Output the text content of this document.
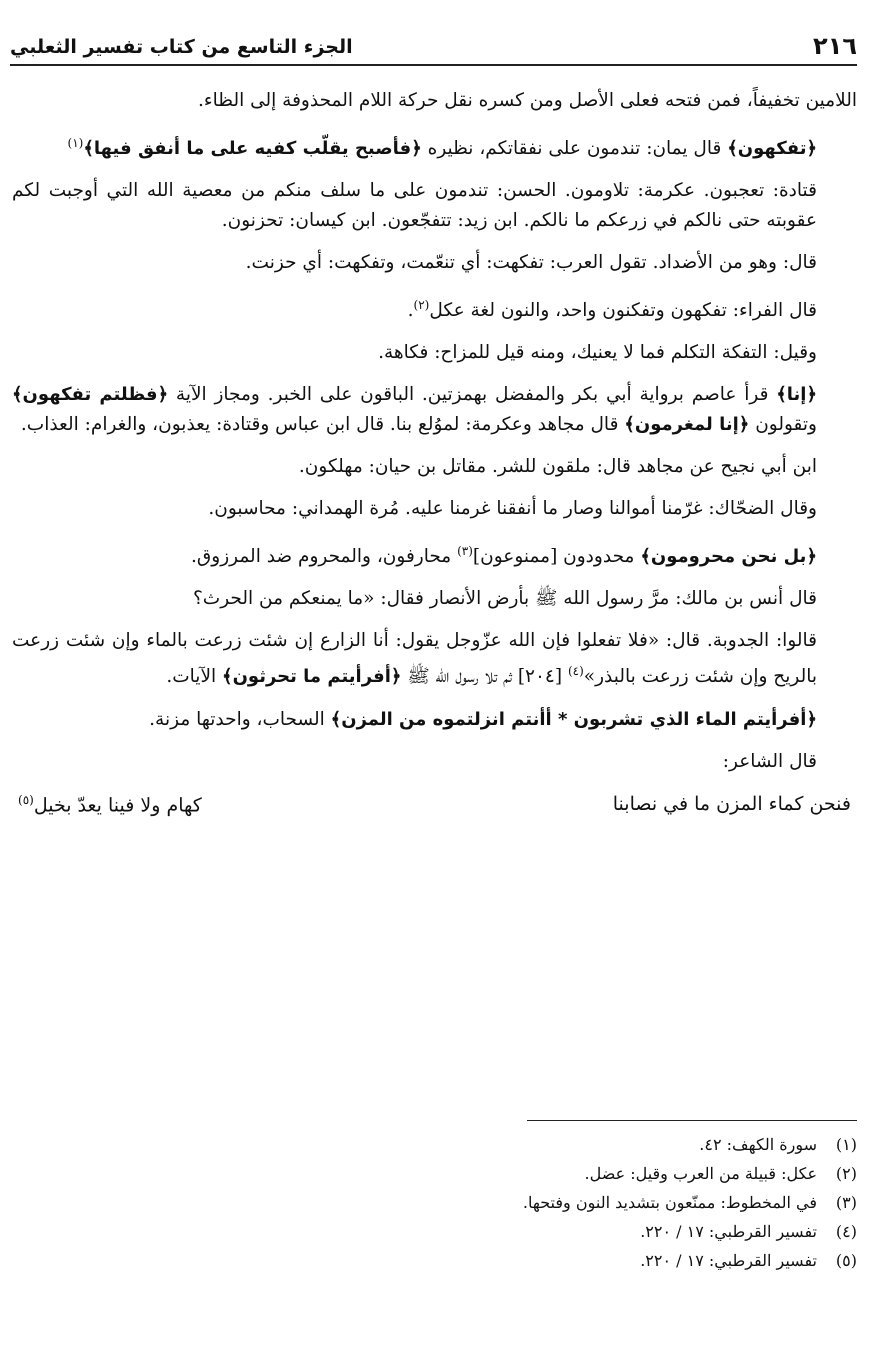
٢١٦
الجزء التاسع من كتاب تفسير الثعلبي

اللامين تخفيفاً، فمن فتحه فعلى الأصل ومن كسره نقل حركة اللام المحذوفة إلى الظاء.

﴿تفكهون﴾ قال يمان: تندمون على نفقاتكم، نظيره ﴿فأصبح يقلّب كفيه على ما أنفق فيها﴾$^{(١)}$

قتادة: تعجبون. عكرمة: تلاومون. الحسن: تندمون على ما سلف منكم من معصية الله التي أوجبت لكم عقوبته حتى نالكم في زرعكم ما نالكم. ابن زيد: تتفجّعون. ابن كيسان: تحزنون.

قال: وهو من الأضداد. تقول العرب: تفكهت: أي تنعّمت، وتفكهت: أي حزنت.

قال الفراء: تفكهون وتفكنون واحد، والنون لغة عكل$^{(٢)}$.

وقيل: التفكة التكلم فما لا يعنيك، ومنه قيل للمزاح: فكاهة.

﴿إنا﴾ قرأ عاصم برواية أبي بكر والمفضل بهمزتين. الباقون على الخبر. ومجاز الآية ﴿فظلتم تفكهون﴾ وتقولون ﴿إنا لمغرمون﴾ قال مجاهد وعكرمة: لموُلع بنا. قال ابن عباس وقتادة: يعذبون، والغرام: العذاب.

ابن أبي نجيح عن مجاهد قال: ملقون للشر. مقاتل بن حيان: مهلكون.

وقال الضحّاك: غرّمنا أموالنا وصار ما أنفقنا غرمنا عليه. مُرة الهمداني: محاسبون.

﴿بل نحن محرومون﴾ محدودون [ممنوعون]$^{(٣)}$ محارفون، والمحروم ضد المرزوق.

قال أنس بن مالك: مرَّ رسول الله ﷺ بأرض الأنصار فقال: «ما يمنعكم من الحرث؟

قالوا: الجدوبة. قال: «فلا تفعلوا فإن الله عزّوجل يقول: أنا الزارع إن شئت زرعت بالماء وإن شئت زرعت بالريح وإن شئت زرعت بالبذر»$^{(٤)}$ [٢٠٤] ثم تلا رسول الله ﷺ ﴿أفرأيتم ما تحرثون﴾ الآيات.

﴿أفرأيتم الماء الذي تشربون * أأنتم انزلتموه من المزن﴾ السحاب، واحدتها مزنة.

قال الشاعر:
فنحن كماء المزن ما في نصابنا
كهام ولا فينا يعدّ بخيل$^{(٥)}$
(١)
سورة الكهف: ٤٢.
(٢)
عكل: قبيلة من العرب وقيل: عضل.
(٣)
في المخطوط: ممنّعون بتشديد النون وفتحها.
(٤)
تفسير القرطبي: ١٧ / ٢٢٠.
(٥)
تفسير القرطبي: ١٧ / ٢٢٠.
